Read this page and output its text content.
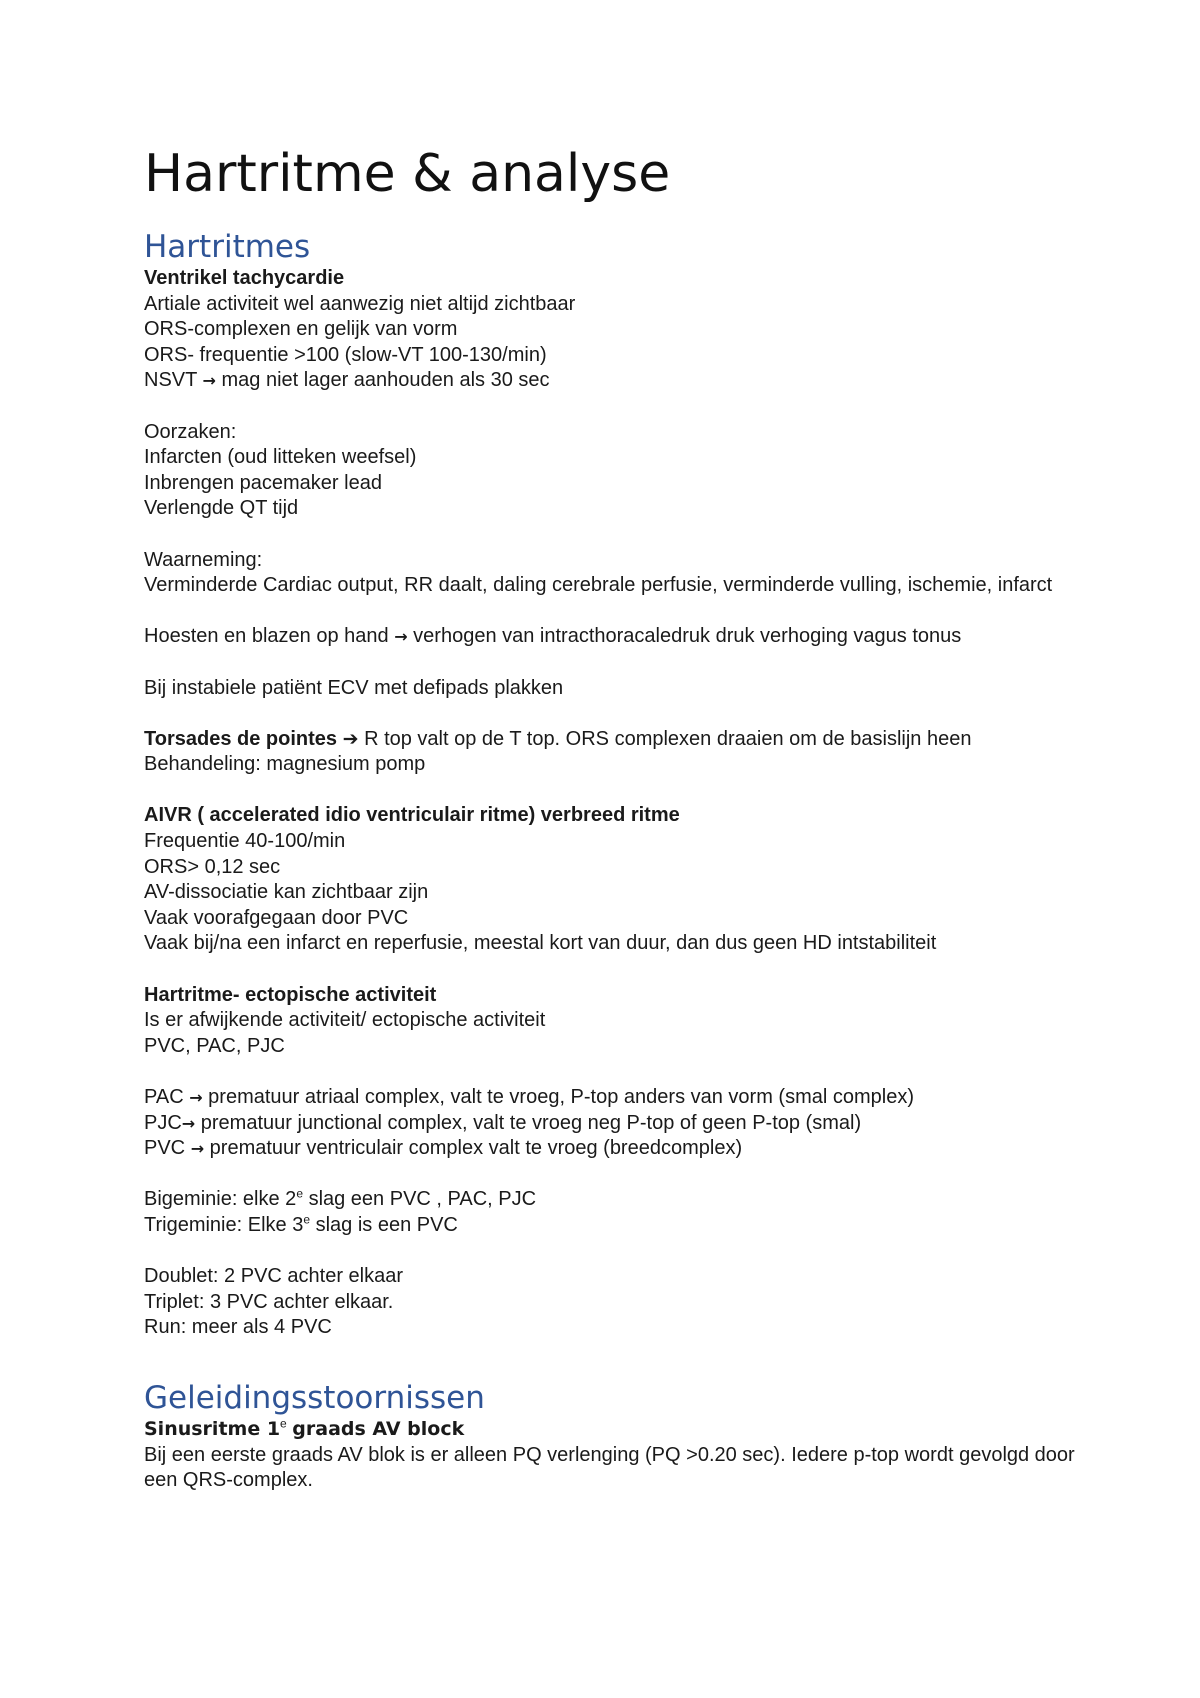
Hartritme & analyse
Hartritmes
Ventrikel tachycardie
Artiale activiteit wel aanwezig niet altijd zichtbaar
ORS-complexen en gelijk van vorm
ORS- frequentie >100 (slow-VT 100-130/min)
NSVT → mag niet lager aanhouden als 30 sec
Oorzaken:
Infarcten (oud litteken weefsel)
Inbrengen pacemaker lead
Verlengde QT tijd
Waarneming:
Verminderde Cardiac output, RR daalt, daling cerebrale perfusie, verminderde vulling, ischemie, infarct
Hoesten en blazen op hand → verhogen van intracthoracaledruk druk verhoging vagus tonus
Bij instabiele patiënt ECV met defipads plakken
Torsades de pointes ➔ R top valt op de T top. ORS complexen draaien om de basislijn heen
Behandeling: magnesium pomp
AIVR ( accelerated idio ventriculair ritme) verbreed ritme
Frequentie 40-100/min
ORS> 0,12 sec
AV-dissociatie kan zichtbaar zijn
Vaak voorafgegaan door PVC
Vaak bij/na een infarct en reperfusie, meestal kort van duur, dan dus geen HD intstabiliteit
Hartritme- ectopische activiteit
Is er afwijkende activiteit/ ectopische activiteit
PVC, PAC, PJC
PAC → prematuur atriaal complex, valt te vroeg, P-top anders van vorm (smal complex)
PJC→ prematuur junctional complex, valt te vroeg neg P-top of geen P-top (smal)
PVC → prematuur ventriculair complex valt te vroeg (breedcomplex)
Bigeminie: elke 2e slag een PVC , PAC, PJC
Trigeminie: Elke 3e slag is een PVC
Doublet: 2 PVC achter elkaar
Triplet: 3 PVC achter elkaar.
Run: meer als 4 PVC
Geleidingsstoornissen
Sinusritme 1e graads AV block
Bij een eerste graads AV blok is er alleen PQ verlenging (PQ >0.20 sec). Iedere p-top wordt gevolgd door een QRS-complex.
